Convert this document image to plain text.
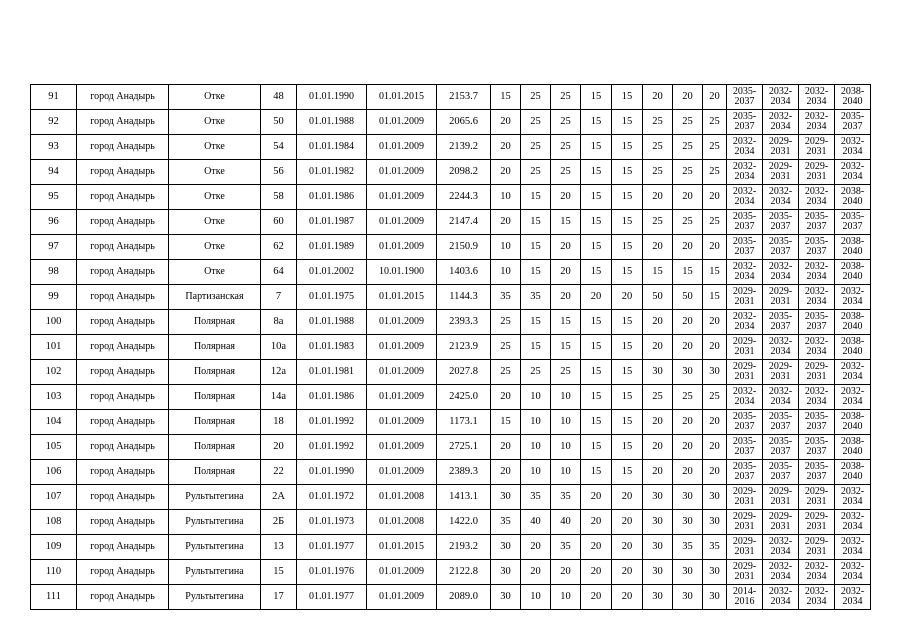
91	город Анадырь	Отке	48	01.01.1990	01.01.2015	2153.7	15	25	25	15	15	20	20	20	2035-2037	2032-2034	2032-2034	2038-2040
92	город Анадырь	Отке	50	01.01.1988	01.01.2009	2065.6	20	25	25	15	15	25	25	25	2035-2037	2032-2034	2032-2034	2035-2037
93	город Анадырь	Отке	54	01.01.1984	01.01.2009	2139.2	20	25	25	15	15	25	25	25	2032-2034	2029-2031	2029-2031	2032-2034
94	город Анадырь	Отке	56	01.01.1982	01.01.2009	2098.2	20	25	25	15	15	25	25	25	2032-2034	2029-2031	2029-2031	2032-2034
95	город Анадырь	Отке	58	01.01.1986	01.01.2009	2244.3	10	15	20	15	15	20	20	20	2032-2034	2032-2034	2032-2034	2038-2040
96	город Анадырь	Отке	60	01.01.1987	01.01.2009	2147.4	20	15	15	15	15	25	25	25	2035-2037	2035-2037	2035-2037	2035-2037
97	город Анадырь	Отке	62	01.01.1989	01.01.2009	2150.9	10	15	20	15	15	20	20	20	2035-2037	2035-2037	2035-2037	2038-2040
98	город Анадырь	Отке	64	01.01.2002	10.01.1900	1403.6	10	15	20	15	15	15	15	15	2032-2034	2032-2034	2032-2034	2038-2040
99	город Анадырь	Партизанская	7	01.01.1975	01.01.2015	1144.3	35	35	20	20	20	50	50	15	2029-2031	2029-2031	2032-2034	2032-2034
100	город Анадырь	Полярная	8а	01.01.1988	01.01.2009	2393.3	25	15	15	15	15	20	20	20	2032-2034	2035-2037	2035-2037	2038-2040
101	город Анадырь	Полярная	10а	01.01.1983	01.01.2009	2123.9	25	15	15	15	15	20	20	20	2029-2031	2032-2034	2032-2034	2038-2040
102	город Анадырь	Полярная	12а	01.01.1981	01.01.2009	2027.8	25	25	25	15	15	30	30	30	2029-2031	2029-2031	2029-2031	2032-2034
103	город Анадырь	Полярная	14а	01.01.1986	01.01.2009	2425.0	20	10	10	15	15	25	25	25	2032-2034	2032-2034	2032-2034	2032-2034
104	город Анадырь	Полярная	18	01.01.1992	01.01.2009	1173.1	15	10	10	15	15	20	20	20	2035-2037	2035-2037	2035-2037	2038-2040
105	город Анадырь	Полярная	20	01.01.1992	01.01.2009	2725.1	20	10	10	15	15	20	20	20	2035-2037	2035-2037	2035-2037	2038-2040
106	город Анадырь	Полярная	22	01.01.1990	01.01.2009	2389.3	20	10	10	15	15	20	20	20	2035-2037	2035-2037	2035-2037	2038-2040
107	город Анадырь	Рультытегина	2А	01.01.1972	01.01.2008	1413.1	30	35	35	20	20	30	30	30	2029-2031	2029-2031	2029-2031	2032-2034
108	город Анадырь	Рультытегина	2Б	01.01.1973	01.01.2008	1422.0	35	40	40	20	20	30	30	30	2029-2031	2029-2031	2029-2031	2032-2034
109	город Анадырь	Рультытегина	13	01.01.1977	01.01.2015	2193.2	30	20	35	20	20	30	35	35	2029-2031	2032-2034	2029-2031	2032-2034
110	город Анадырь	Рультытегина	15	01.01.1976	01.01.2009	2122.8	30	20	20	20	20	30	30	30	2029-2031	2032-2034	2032-2034	2032-2034
111	город Анадырь	Рультытегина	17	01.01.1977	01.01.2009	2089.0	30	10	10	20	20	30	30	30	2014-2016	2032-2034	2032-2034	2032-2034
